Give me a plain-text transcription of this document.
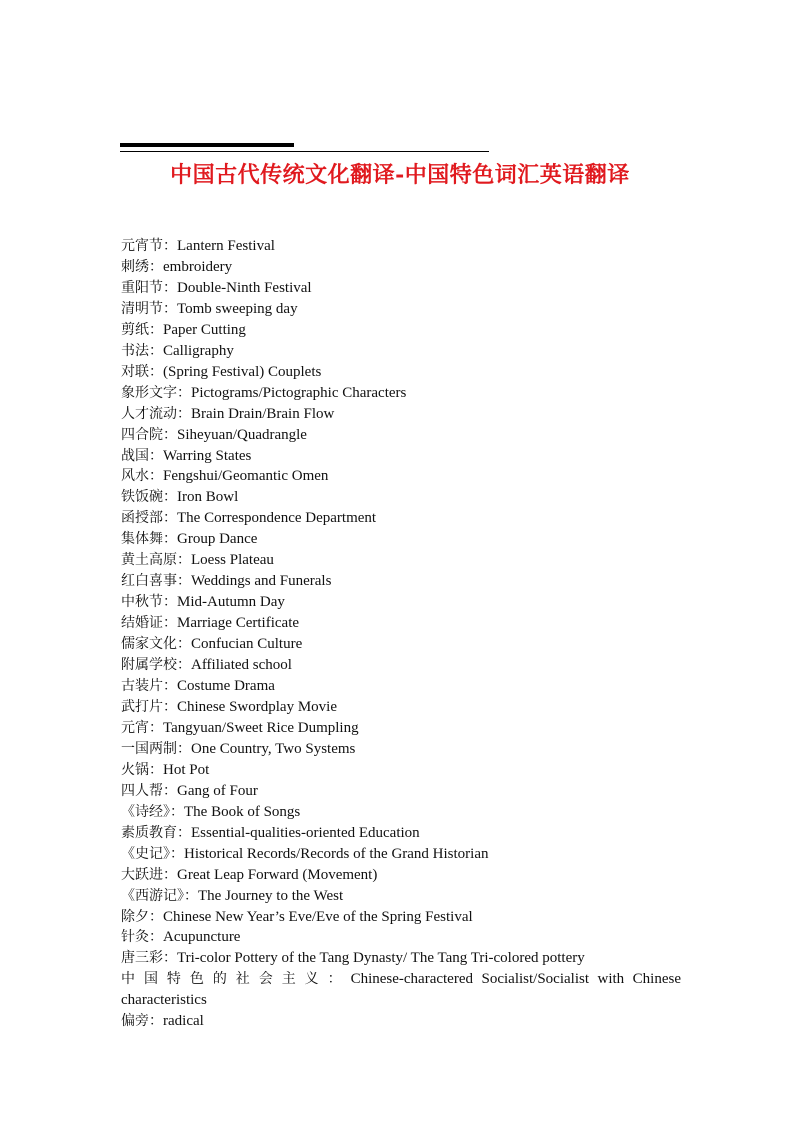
中国古代传统文化翻译-中国特色词汇英语翻译
元宵节：Lantern Festival
刺绣：embroidery
重阳节：Double-Ninth Festival
清明节：Tomb sweeping day
剪纸：Paper Cutting
书法：Calligraphy
对联：(Spring Festival) Couplets
象形文字：Pictograms/Pictographic Characters
人才流动：Brain Drain/Brain Flow
四合院：Siheyuan/Quadrangle
战国：Warring States
风水：Fengshui/Geomantic Omen
铁饭碗：Iron Bowl
函授部：The Correspondence Department
集体舞：Group Dance
黄土高原：Loess Plateau
红白喜事：Weddings and Funerals
中秋节：Mid-Autumn Day
结婚证：Marriage Certificate
儒家文化：Confucian Culture
附属学校：Affiliated school
古装片：Costume Drama
武打片：Chinese Swordplay Movie
元宵：Tangyuan/Sweet Rice Dumpling
一国两制：One Country, Two Systems
火锅：Hot Pot
四人帮：Gang of Four
《诗经》：The Book of Songs
素质教育：Essential-qualities-oriented Education
《史记》：Historical Records/Records of the Grand Historian
大跃进：Great Leap Forward (Movement)
《西游记》：The Journey to the West
除夕：Chinese New Year’s Eve/Eve of the Spring Festival
针灸：Acupuncture
唐三彩：Tri-color Pottery of the Tang Dynasty/ The Tang Tri-colored pottery
中国特色的社会主义：Chinese-charactered Socialist/Socialist with Chinese characteristics
偏旁：radical
